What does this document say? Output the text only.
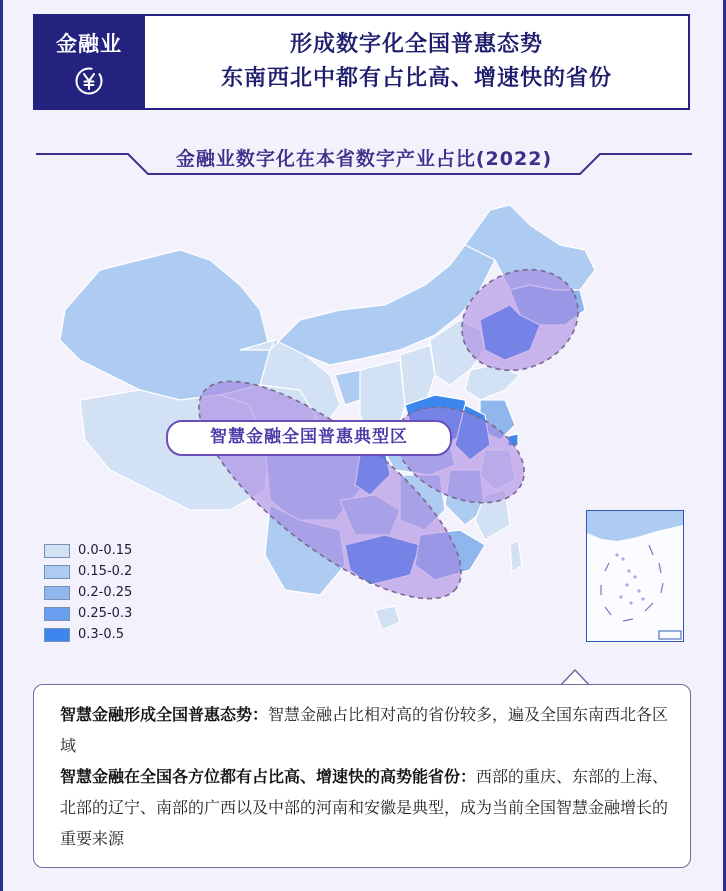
金融业	形成数字化全国普惠态势
东南西北中都有占比高、增速快的省份
金融业数字化在本省数字产业占比(2022)
智慧金融全国普惠典型区
0.0-0.15
0.15-0.2
0.2-0.25
0.25-0.3
0.3-0.5
智慧金融形成全国普惠态势：智慧金融占比相对高的省份较多，遍及全国东南西北各区域
智慧金融在全国各方位都有占比高、增速快的高势能省份：西部的重庆、东部的上海、北部的辽宁、南部的广西以及中部的河南和安徽是典型，成为当前全国智慧金融增长的重要来源
